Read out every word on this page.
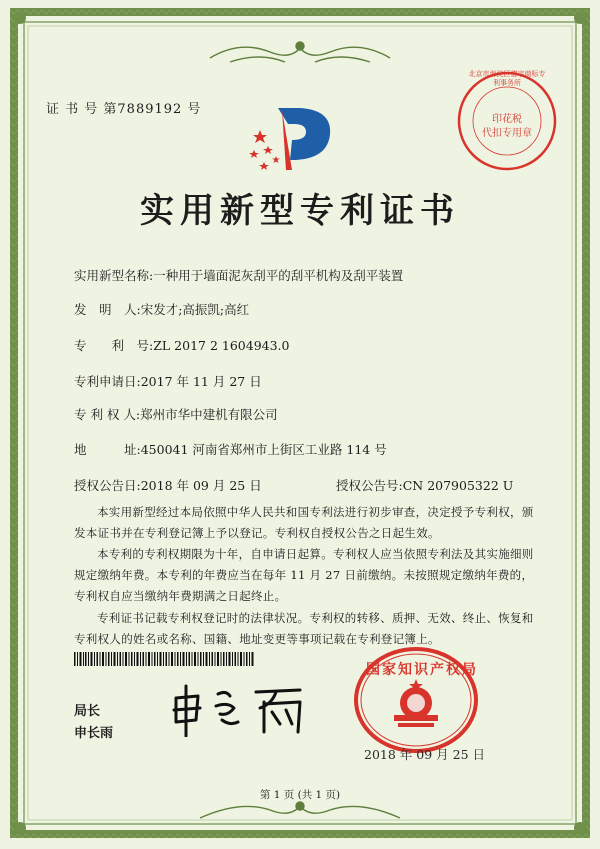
证 书 号 第7889192 号
实用新型专利证书
实用新型名称:一种用于墙面泥灰刮平的刮平机构及刮平装置
发　明　人:宋发才;高振凯;高红
专　　利　号:ZL 2017 2 1604943.0
专利申请日:2017 年 11 月 27 日
专 利 权 人:郑州市华中建机有限公司
地　　　址:450041 河南省郑州市上街区工业路 114 号
授权公告日:2018 年 09 月 25 日	授权公告号:CN 207905322 U
本实用新型经过本局依照中华人民共和国专利法进行初步审查，决定授予专利权，颁发本证书并在专利登记簿上予以登记。专利权自授权公告之日起生效。
本专利的专利权期限为十年，自申请日起算。专利权人应当依照专利法及其实施细则规定缴纳年费。本专利的年费应当在每年 11 月 27 日前缴纳。未按照规定缴纳年费的，专利权自应当缴纳年费期满之日起终止。
专利证书记载专利权登记时的法律状况。专利权的转移、质押、无效、终止、恢复和专利权人的姓名或名称、国籍、地址变更等事项记载在专利登记簿上。
局长
申长雨
国家知识产权局
2018 年 09 月 25 日
北京市海淀区德宇商标专利事务所
印花税
代扣专用章
第 1 页 (共 1 页)
